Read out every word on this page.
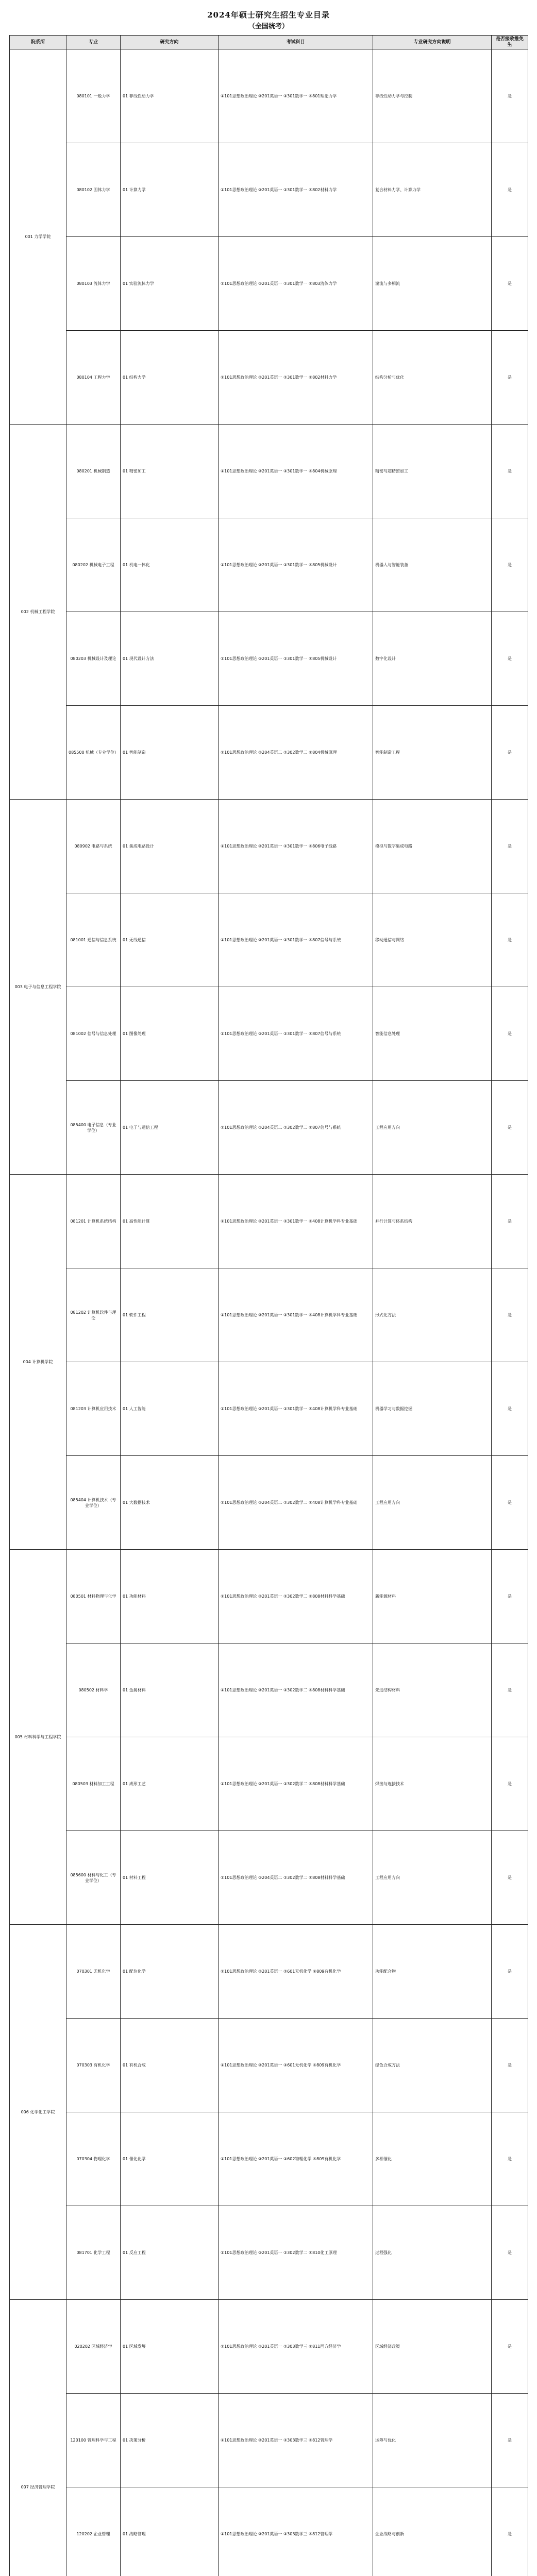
2024年硕士研究生招生专业目录
（全国统考）
院系所	专业	研究方向	考试科目	专业研究方向说明	是否接收推免生
001 力学学院	080101 一般力学	01 非线性动力学	①101思想政治理论 ②201英语一 ③301数学一 ④801理论力学	非线性动力学与控制	是
	080102 固体力学	01 计算力学	①101思想政治理论 ②201英语一 ③301数学一 ④802材料力学	复合材料力学、计算力学	是
	080103 流体力学	01 实验流体力学	①101思想政治理论 ②201英语一 ③301数学一 ④803流体力学	湍流与多相流	是
	080104 工程力学	01 结构力学	①101思想政治理论 ②201英语一 ③301数学一 ④802材料力学	结构分析与优化	是
002 机械工程学院	080201 机械制造	01 精密加工	①101思想政治理论 ②201英语一 ③301数学一 ④804机械原理	精密与超精密加工	是
	080202 机械电子工程	01 机电一体化	①101思想政治理论 ②201英语一 ③301数学一 ④805机械设计	机器人与智能装备	是
	080203 机械设计及理论	01 现代设计方法	①101思想政治理论 ②201英语一 ③301数学一 ④805机械设计	数字化设计	是
	085500 机械（专业学位）	01 智能制造	①101思想政治理论 ②204英语二 ③302数学二 ④804机械原理	智能制造工程	是
003 电子与信息工程学院	080902 电路与系统	01 集成电路设计	①101思想政治理论 ②201英语一 ③301数学一 ④806电子线路	模拟与数字集成电路	是
	081001 通信与信息系统	01 无线通信	①101思想政治理论 ②201英语一 ③301数学一 ④807信号与系统	移动通信与网络	是
	081002 信号与信息处理	01 图像处理	①101思想政治理论 ②201英语一 ③301数学一 ④807信号与系统	智能信息处理	是
	085400 电子信息（专业学位）	01 电子与通信工程	①101思想政治理论 ②204英语二 ③302数学二 ④807信号与系统	工程应用方向	是
004 计算机学院	081201 计算机系统结构	01 高性能计算	①101思想政治理论 ②201英语一 ③301数学一 ④408计算机学科专业基础	并行计算与体系结构	是
	081202 计算机软件与理论	01 软件工程	①101思想政治理论 ②201英语一 ③301数学一 ④408计算机学科专业基础	形式化方法	是
	081203 计算机应用技术	01 人工智能	①101思想政治理论 ②201英语一 ③301数学一 ④408计算机学科专业基础	机器学习与数据挖掘	是
	085404 计算机技术（专业学位）	01 大数据技术	①101思想政治理论 ②204英语二 ③302数学二 ④408计算机学科专业基础	工程应用方向	是
005 材料科学与工程学院	080501 材料物理与化学	01 功能材料	①101思想政治理论 ②201英语一 ③302数学二 ④808材料科学基础	新能源材料	是
	080502 材料学	01 金属材料	①101思想政治理论 ②201英语一 ③302数学二 ④808材料科学基础	先进结构材料	是
	080503 材料加工工程	01 成形工艺	①101思想政治理论 ②201英语一 ③302数学二 ④808材料科学基础	焊接与连接技术	是
	085600 材料与化工（专业学位）	01 材料工程	①101思想政治理论 ②204英语二 ③302数学二 ④808材料科学基础	工程应用方向	是
006 化学化工学院	070301 无机化学	01 配位化学	①101思想政治理论 ②201英语一 ③601无机化学 ④809有机化学	功能配合物	是
	070303 有机化学	01 有机合成	①101思想政治理论 ②201英语一 ③601无机化学 ④809有机化学	绿色合成方法	是
	070304 物理化学	01 催化化学	①101思想政治理论 ②201英语一 ③602物理化学 ④809有机化学	多相催化	是
	081701 化学工程	01 反应工程	①101思想政治理论 ②201英语一 ③302数学二 ④810化工原理	过程强化	是
007 经济管理学院	020202 区域经济学	01 区域发展	①101思想政治理论 ②201英语一 ③303数学三 ④811西方经济学	区域经济政策	是
	120100 管理科学与工程	01 决策分析	①101思想政治理论 ②201英语一 ③303数学三 ④812管理学	运筹与优化	是
	120202 企业管理	01 战略管理	①101思想政治理论 ②201英语一 ③303数学三 ④812管理学	企业战略与创新	是
